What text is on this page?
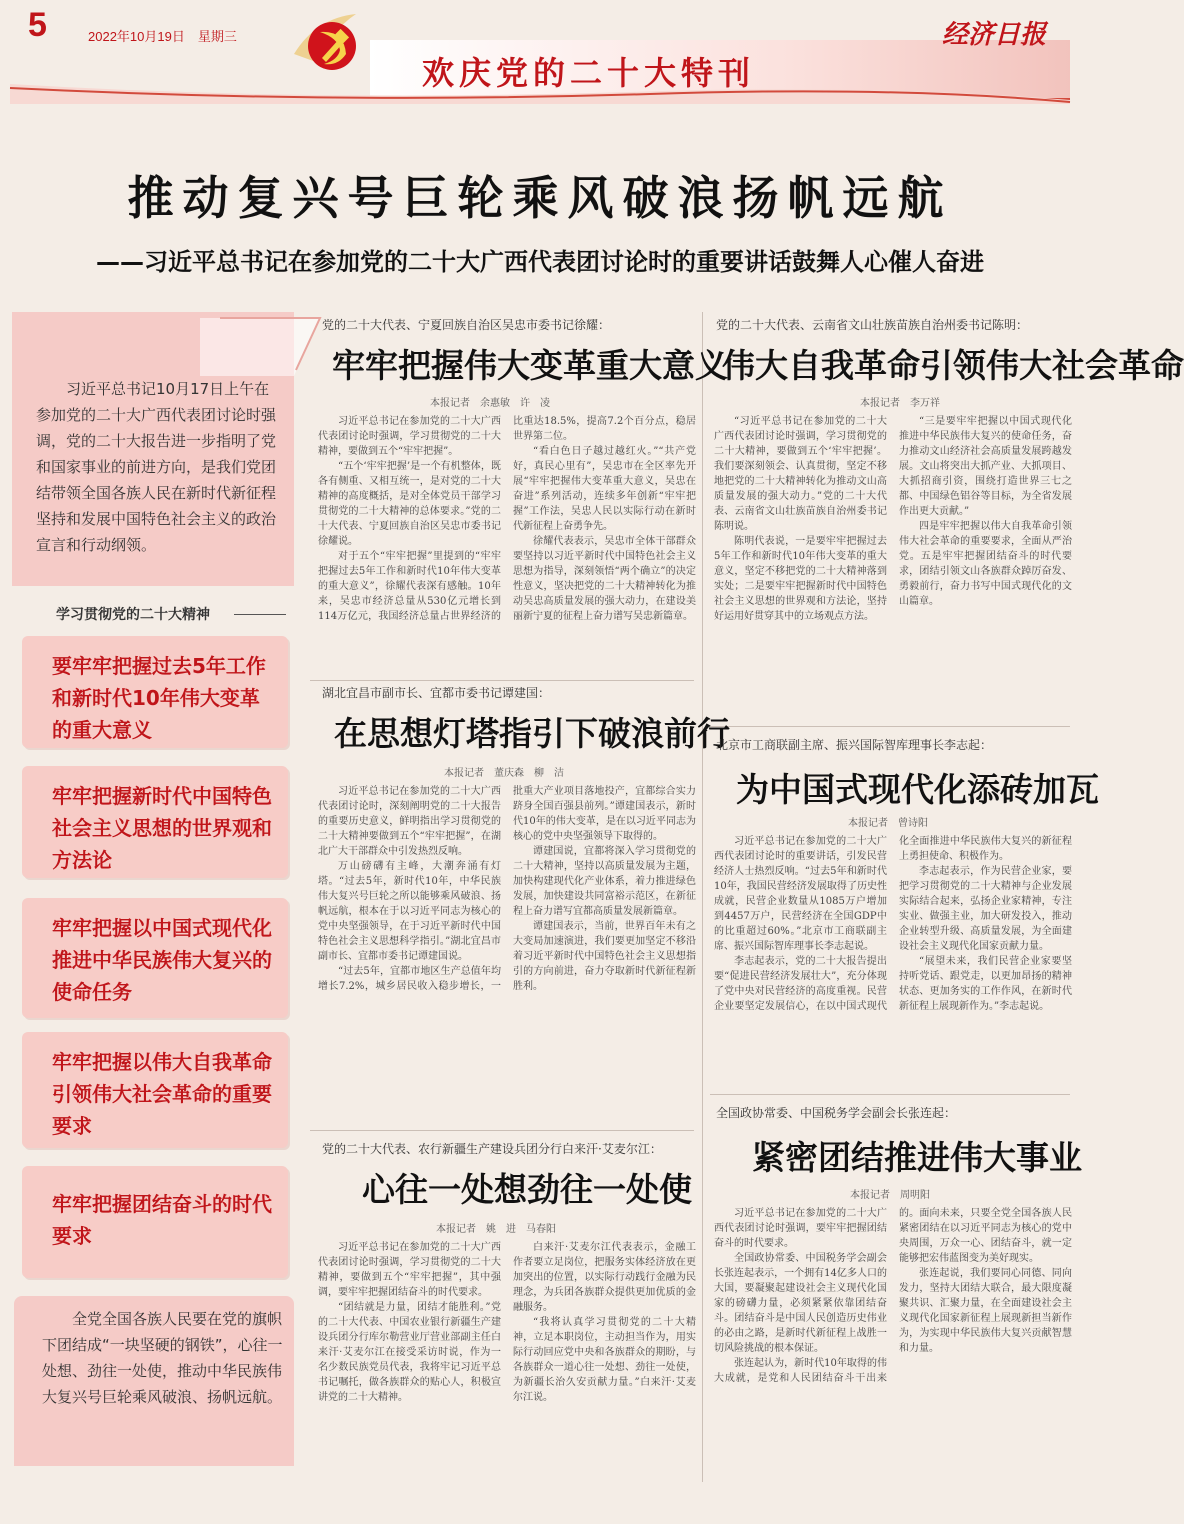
5	2022年10月19日  星期三
欢庆党的二十大特刊
经济日报
推动复兴号巨轮乘风破浪扬帆远航
——习近平总书记在参加党的二十大广西代表团讨论时的重要讲话鼓舞人心催人奋进
习近平总书记10月17日上午在参加党的二十大广西代表团讨论时强调，党的二十大报告进一步指明了党和国家事业的前进方向，是我们党团结带领全国各族人民在新时代新征程坚持和发展中国特色社会主义的政治宣言和行动纲领。
学习贯彻党的二十大精神
要牢牢把握过去5年工作和新时代10年伟大变革的重大意义
牢牢把握新时代中国特色社会主义思想的世界观和方法论
牢牢把握以中国式现代化推进中华民族伟大复兴的使命任务
牢牢把握以伟大自我革命引领伟大社会革命的重要要求
牢牢把握团结奋斗的时代要求
全党全国各族人民要在党的旗帜下团结成“一块坚硬的钢铁”，心往一处想、劲往一处使，推动中华民族伟大复兴号巨轮乘风破浪、扬帆远航。
党的二十大代表、宁夏回族自治区吴忠市委书记徐耀：
牢牢把握伟大变革重大意义
本报记者　余惠敏　许　凌

习近平总书记在参加党的二十大广西代表团讨论时强调，学习贯彻党的二十大精神，要做到五个“牢牢把握”。

“五个‘牢牢把握’是一个有机整体，既各有侧重、又相互统一，是对党的二十大精神的高度概括，是对全体党员干部学习贯彻党的二十大精神的总体要求。”党的二十大代表、宁夏回族自治区吴忠市委书记徐耀说。

对于五个“牢牢把握”里提到的“牢牢把握过去5年工作和新时代10年伟大变革的重大意义”，徐耀代表深有感触。10年来，吴忠市经济总量从530亿元增长到114万亿元，我国经济总量占世界经济的比重达18.5%，提高7.2个百分点，稳居世界第二位。

“看白色日子越过越红火。”“共产党好，真民心里有”，吴忠市在全区率先开展“牢牢把握伟大变革重大意义，吴忠在奋进”系列活动，连续多年创新“牢牢把握”工作法，吴忠人民以实际行动在新时代新征程上奋勇争先。

徐耀代表表示，吴忠市全体干部群众要坚持以习近平新时代中国特色社会主义思想为指导，深刻领悟“两个确立”的决定性意义，坚决把党的二十大精神转化为推动吴忠高质量发展的强大动力，在建设美丽新宁夏的征程上奋力谱写吴忠新篇章。

党的二十大代表、云南省文山壮族苗族自治州委书记陈明：
伟大自我革命引领伟大社会革命
本报记者　李万祥

“习近平总书记在参加党的二十大广西代表团讨论时强调，学习贯彻党的二十大精神，要做到五个‘牢牢把握’。我们要深刻领会、认真贯彻，坚定不移地把党的二十大精神转化为推动文山高质量发展的强大动力。”党的二十大代表、云南省文山壮族苗族自治州委书记陈明说。

陈明代表说，一是要牢牢把握过去5年工作和新时代10年伟大变革的重大意义，坚定不移把党的二十大精神落到实处；二是要牢牢把握新时代中国特色社会主义思想的世界观和方法论，坚持好运用好贯穿其中的立场观点方法。

“三是要牢牢把握以中国式现代化推进中华民族伟大复兴的使命任务，奋力推动文山经济社会高质量发展跨越发展。文山将突出大抓产业、大抓项目、大抓招商引资，围绕打造世界三七之都、中国绿色铝谷等目标，为全省发展作出更大贡献。”

四是牢牢把握以伟大自我革命引领伟大社会革命的重要要求，全面从严治党。五是牢牢把握团结奋斗的时代要求，团结引领文山各族群众踔厉奋发、勇毅前行，奋力书写中国式现代化的文山篇章。

湖北宜昌市副市长、宜都市委书记谭建国：
在思想灯塔指引下破浪前行
本报记者　董庆森　柳　洁

习近平总书记在参加党的二十大广西代表团讨论时，深刻阐明党的二十大报告的重要历史意义，鲜明指出学习贯彻党的二十大精神要做到五个“牢牢把握”，在湖北广大干部群众中引发热烈反响。

万山磅礴有主峰，大潮奔涌有灯塔。“过去5年，新时代10年，中华民族伟大复兴号巨轮之所以能够乘风破浪、扬帆远航，根本在于以习近平同志为核心的党中央坚强领导，在于习近平新时代中国特色社会主义思想科学指引。”湖北宜昌市副市长、宜都市委书记谭建国说。

“过去5年，宜都市地区生产总值年均增长7.2%，城乡居民收入稳步增长，一批重大产业项目落地投产，宜都综合实力跻身全国百强县前列。”谭建国表示，新时代10年的伟大变革，是在以习近平同志为核心的党中央坚强领导下取得的。

谭建国说，宜都将深入学习贯彻党的二十大精神，坚持以高质量发展为主题，加快构建现代化产业体系，着力推进绿色发展，加快建设共同富裕示范区，在新征程上奋力谱写宜都高质量发展新篇章。

谭建国表示，当前，世界百年未有之大变局加速演进，我们要更加坚定不移沿着习近平新时代中国特色社会主义思想指引的方向前进，奋力夺取新时代新征程新胜利。

北京市工商联副主席、振兴国际智库理事长李志起：
为中国式现代化添砖加瓦
本报记者　曾诗阳

习近平总书记在参加党的二十大广西代表团讨论时的重要讲话，引发民营经济人士热烈反响。“过去5年和新时代10年，我国民营经济发展取得了历史性成就，民营企业数量从1085万户增加到4457万户，民营经济在全国GDP中的比重超过60%。”北京市工商联副主席、振兴国际智库理事长李志起说。

李志起表示，党的二十大报告提出要“促进民营经济发展壮大”，充分体现了党中央对民营经济的高度重视。民营企业要坚定发展信心，在以中国式现代化全面推进中华民族伟大复兴的新征程上勇担使命、积极作为。

李志起表示，作为民营企业家，要把学习贯彻党的二十大精神与企业发展实际结合起来，弘扬企业家精神，专注实业、做强主业，加大研发投入，推动企业转型升级、高质量发展，为全面建设社会主义现代化国家贡献力量。

“展望未来，我们民营企业家要坚持听党话、跟党走，以更加昂扬的精神状态、更加务实的工作作风，在新时代新征程上展现新作为。”李志起说。

党的二十大代表、农行新疆生产建设兵团分行白来汗·艾麦尔江：
心往一处想劲往一处使
本报记者　姚　进　马春阳

习近平总书记在参加党的二十大广西代表团讨论时强调，学习贯彻党的二十大精神，要做到五个“牢牢把握”，其中强调，要牢牢把握团结奋斗的时代要求。

“团结就是力量，团结才能胜利。”党的二十大代表、中国农业银行新疆生产建设兵团分行库尔勒营业厅营业部副主任白来汗·艾麦尔江在接受采访时说，作为一名少数民族党员代表，我将牢记习近平总书记嘱托，做各族群众的贴心人，积极宣讲党的二十大精神。

白来汗·艾麦尔江代表表示，金融工作者要立足岗位，把服务实体经济放在更加突出的位置，以实际行动践行金融为民理念，为兵团各族群众提供更加优质的金融服务。

“我将认真学习贯彻党的二十大精神，立足本职岗位，主动担当作为，用实际行动回应党中央和各族群众的期盼，与各族群众一道心往一处想、劲往一处使，为新疆长治久安贡献力量。”白来汗·艾麦尔江说。

全国政协常委、中国税务学会副会长张连起：
紧密团结推进伟大事业
本报记者　周明阳

习近平总书记在参加党的二十大广西代表团讨论时强调，要牢牢把握团结奋斗的时代要求。

全国政协常委、中国税务学会副会长张连起表示，一个拥有14亿多人口的大国，要凝聚起建设社会主义现代化国家的磅礴力量，必须紧紧依靠团结奋斗。团结奋斗是中国人民创造历史伟业的必由之路，是新时代新征程上战胜一切风险挑战的根本保证。

张连起认为，新时代10年取得的伟大成就，是党和人民团结奋斗干出来的。面向未来，只要全党全国各族人民紧密团结在以习近平同志为核心的党中央周围，万众一心、团结奋斗，就一定能够把宏伟蓝图变为美好现实。

张连起说，我们要同心同德、同向发力，坚持大团结大联合，最大限度凝聚共识、汇聚力量，在全面建设社会主义现代化国家新征程上展现新担当新作为，为实现中华民族伟大复兴贡献智慧和力量。
